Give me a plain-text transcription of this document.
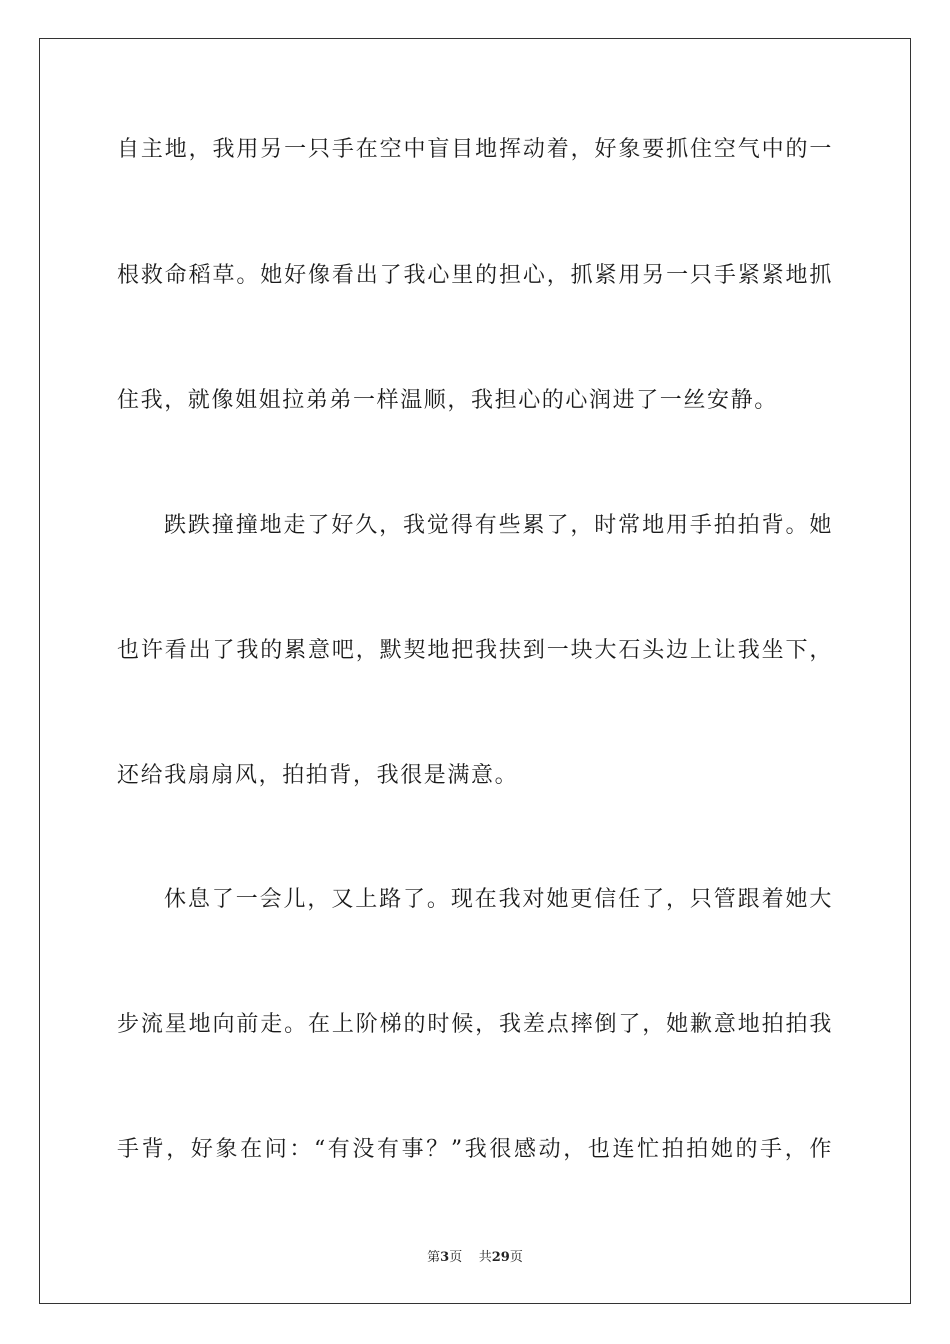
自主地，我用另一只手在空中盲目地挥动着，好象要抓住空气中的一
根救命稻草。她好像看出了我心里的担心，抓紧用另一只手紧紧地抓
住我，就像姐姐拉弟弟一样温顺，我担心的心润进了一丝安静。
跌跌撞撞地走了好久，我觉得有些累了，时常地用手拍拍背。她
也许看出了我的累意吧，默契地把我扶到一块大石头边上让我坐下，
还给我扇扇风，拍拍背，我很是满意。
休息了一会儿，又上路了。现在我对她更信任了，只管跟着她大
步流星地向前走。在上阶梯的时候，我差点摔倒了，她歉意地拍拍我
手背，好象在问：“有没有事？”我很感动，也连忙拍拍她的手，作
第3页 共29页
